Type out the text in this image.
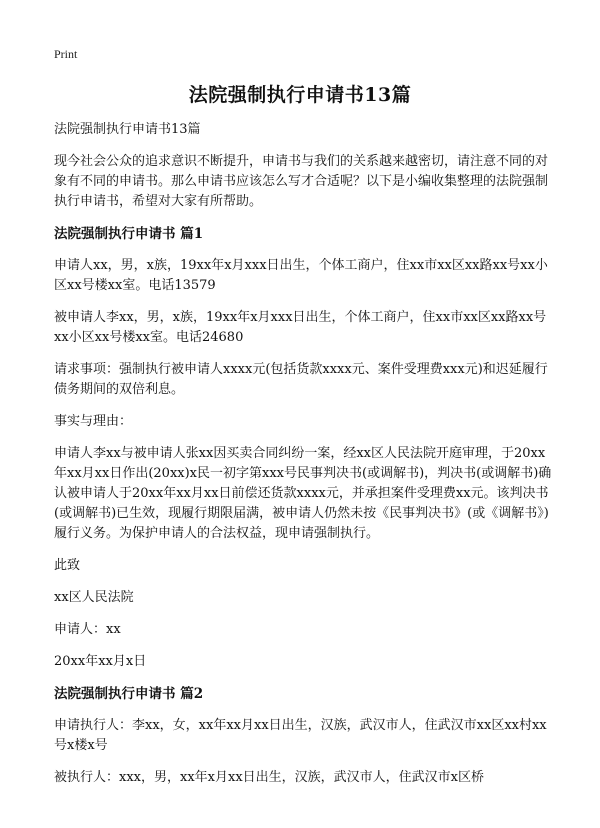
Print
法院强制执行申请书13篇

法院强制执行申请书13篇

现今社会公众的追求意识不断提升，申请书与我们的关系越来越密切，请注意不同的对象有不同的申请书。那么申请书应该怎么写才合适呢？以下是小编收集整理的法院强制执行申请书，希望对大家有所帮助。

法院强制执行申请书 篇1

申请人xx，男，x族，19xx年x月xxx日出生，个体工商户，住xx市xx区xx路xx号xx小区xx号楼xx室。电话13579

被申请人李xx，男，x族，19xx年x月xxx日出生，个体工商户，住xx市xx区xx路xx号xx小区xx号楼xx室。电话24680

请求事项：强制执行被申请人xxxx元(包括货款xxxx元、案件受理费xxx元)和迟延履行债务期间的双倍利息。

事实与理由：

申请人李xx与被申请人张xx因买卖合同纠纷一案，经xx区人民法院开庭审理，于20xx年xx月xx日作出(20xx)x民一初字第xxx号民事判决书(或调解书)，判决书(或调解书)确认被申请人于20xx年xx月xx日前偿还货款xxxx元，并承担案件受理费xx元。该判决书(或调解书)已生效，现履行期限届满，被申请人仍然未按《民事判决书》(或《调解书》)履行义务。为保护申请人的合法权益，现申请强制执行。

此致

xx区人民法院

申请人：xx

20xx年xx月x日

法院强制执行申请书 篇2

申请执行人：李xx，女，xx年xx月xx日出生，汉族，武汉市人，住武汉市xx区xx村xx号x楼x号

被执行人：xxx，男，xx年x月xx日出生，汉族，武汉市人，住武汉市x区桥
